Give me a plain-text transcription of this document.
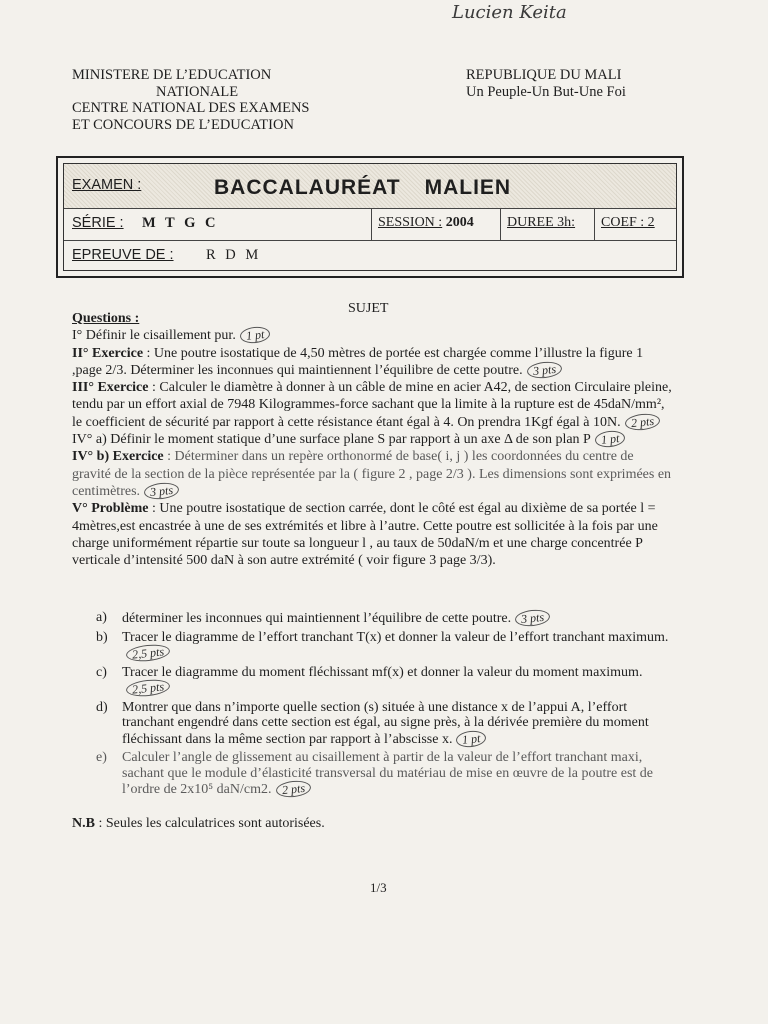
Lucien Keita
MINISTERE DE L’EDUCATION
NATIONALE
CENTRE NATIONAL DES EXAMENS
ET CONCOURS DE L’EDUCATION
REPUBLIQUE DU MALI
Un Peuple-Un But-Une Foi
EXAMEN :	BACCALAURÉAT MALIEN
SÉRIE : M T G C	SESSION : 2004 DUREE 3h: COEF : 2
EPREUVE DE : R D M
SUJET

Questions :

I° Définir le cisaillement pur. 1 pt

II° Exercice : Une poutre isostatique de 4,50 mètres de portée est chargée comme l’illustre la figure 1 ,page 2/3. Déterminer les inconnues qui maintiennent l’équilibre de cette poutre. 3 pts

III° Exercice : Calculer le diamètre à donner à un câble de mine en acier A42, de section Circulaire pleine, tendu par un effort axial de 7948 Kilogrammes-force sachant que la limite à la rupture est de 45daN/mm², le coefficient de sécurité par rapport à cette résistance étant égal à 4. On prendra 1Kgf égal à 10N. 2 pts

IV° a) Définir le moment statique d’une surface plane S par rapport à un axe Δ de son plan P 1 pt

IV° b) Exercice : Déterminer dans un repère orthonormé de base( i, j ) les coordonnées du centre de gravité de la section de la pièce représentée par la ( figure 2 , page 2/3 ). Les dimensions sont exprimées en centimètres. 3 pts

V° Problème : Une poutre isostatique de section carrée, dont le côté est égal au dixième de sa portée l = 4mètres,est encastrée à une de ses extrémités et libre à l’autre. Cette poutre est sollicitée à la fois par une charge uniformément répartie sur toute sa longueur l , au taux de 50daN/m et une charge concentrée P verticale d’intensité 500 daN à son autre extrémité ( voir figure 3 page 3/3).

a)	déterminer les inconnues qui maintiennent l’équilibre de cette poutre. 3 pts
b)	Tracer le diagramme de l’effort tranchant T(x) et donner la valeur de l’effort tranchant maximum.2,5 pts
c)	Tracer le diagramme du moment fléchissant mf(x) et donner la valeur du moment maximum.2,5 pts
d)	Montrer que dans n’importe quelle section (s) située à une distance x de l’appui A, l’effort tranchant engendré dans cette section est égal, au signe près, à la dérivée première du moment fléchissant dans la même section par rapport à l’abscisse x. 1 pt
e)	Calculer l’angle de glissement au cisaillement à partir de la valeur de l’effort tranchant maxi, sachant que le module d’élasticité transversal du matériau de mise en œuvre de la poutre est de l’ordre de 2x10⁵ daN/cm2. 2 pts
N.B : Seules les calculatrices sont autorisées.
1/3
